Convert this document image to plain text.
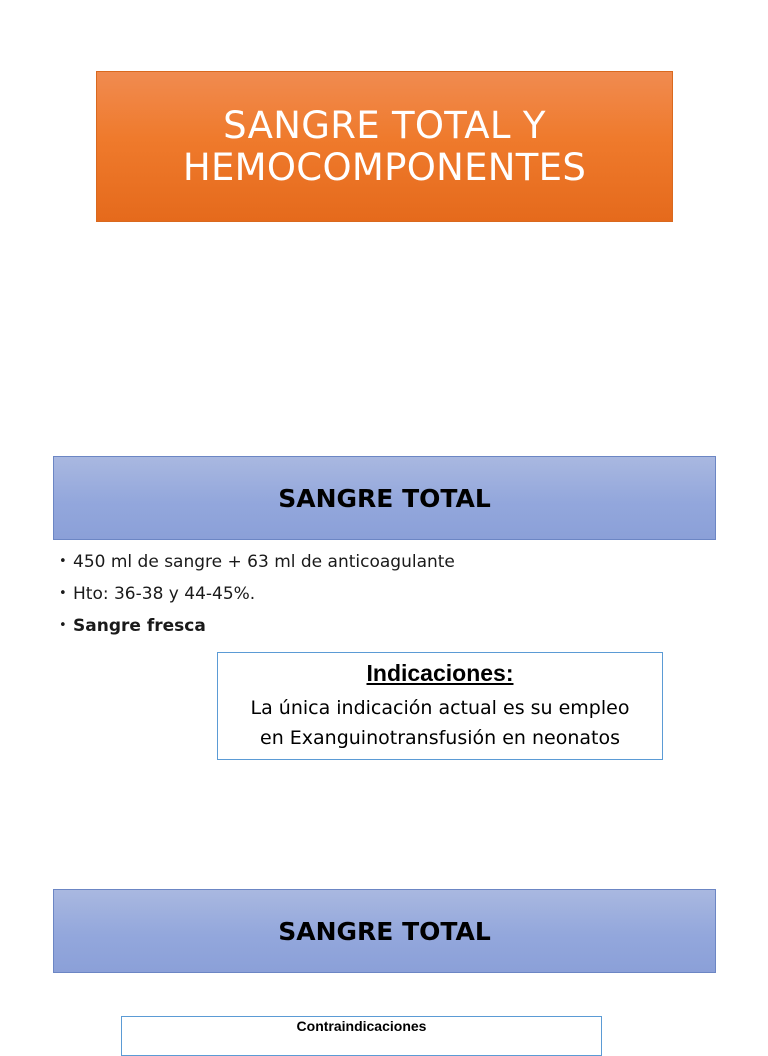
SANGRE TOTAL Y
HEMOCOMPONENTES
SANGRE TOTAL
• 450 ml de sangre + 63 ml de anticoagulante
• Hto: 36-38 y 44-45%.
• Sangre fresca
Indicaciones:
La única indicación actual es su empleo
en Exanguinotransfusión en neonatos
SANGRE TOTAL
Contraindicaciones
